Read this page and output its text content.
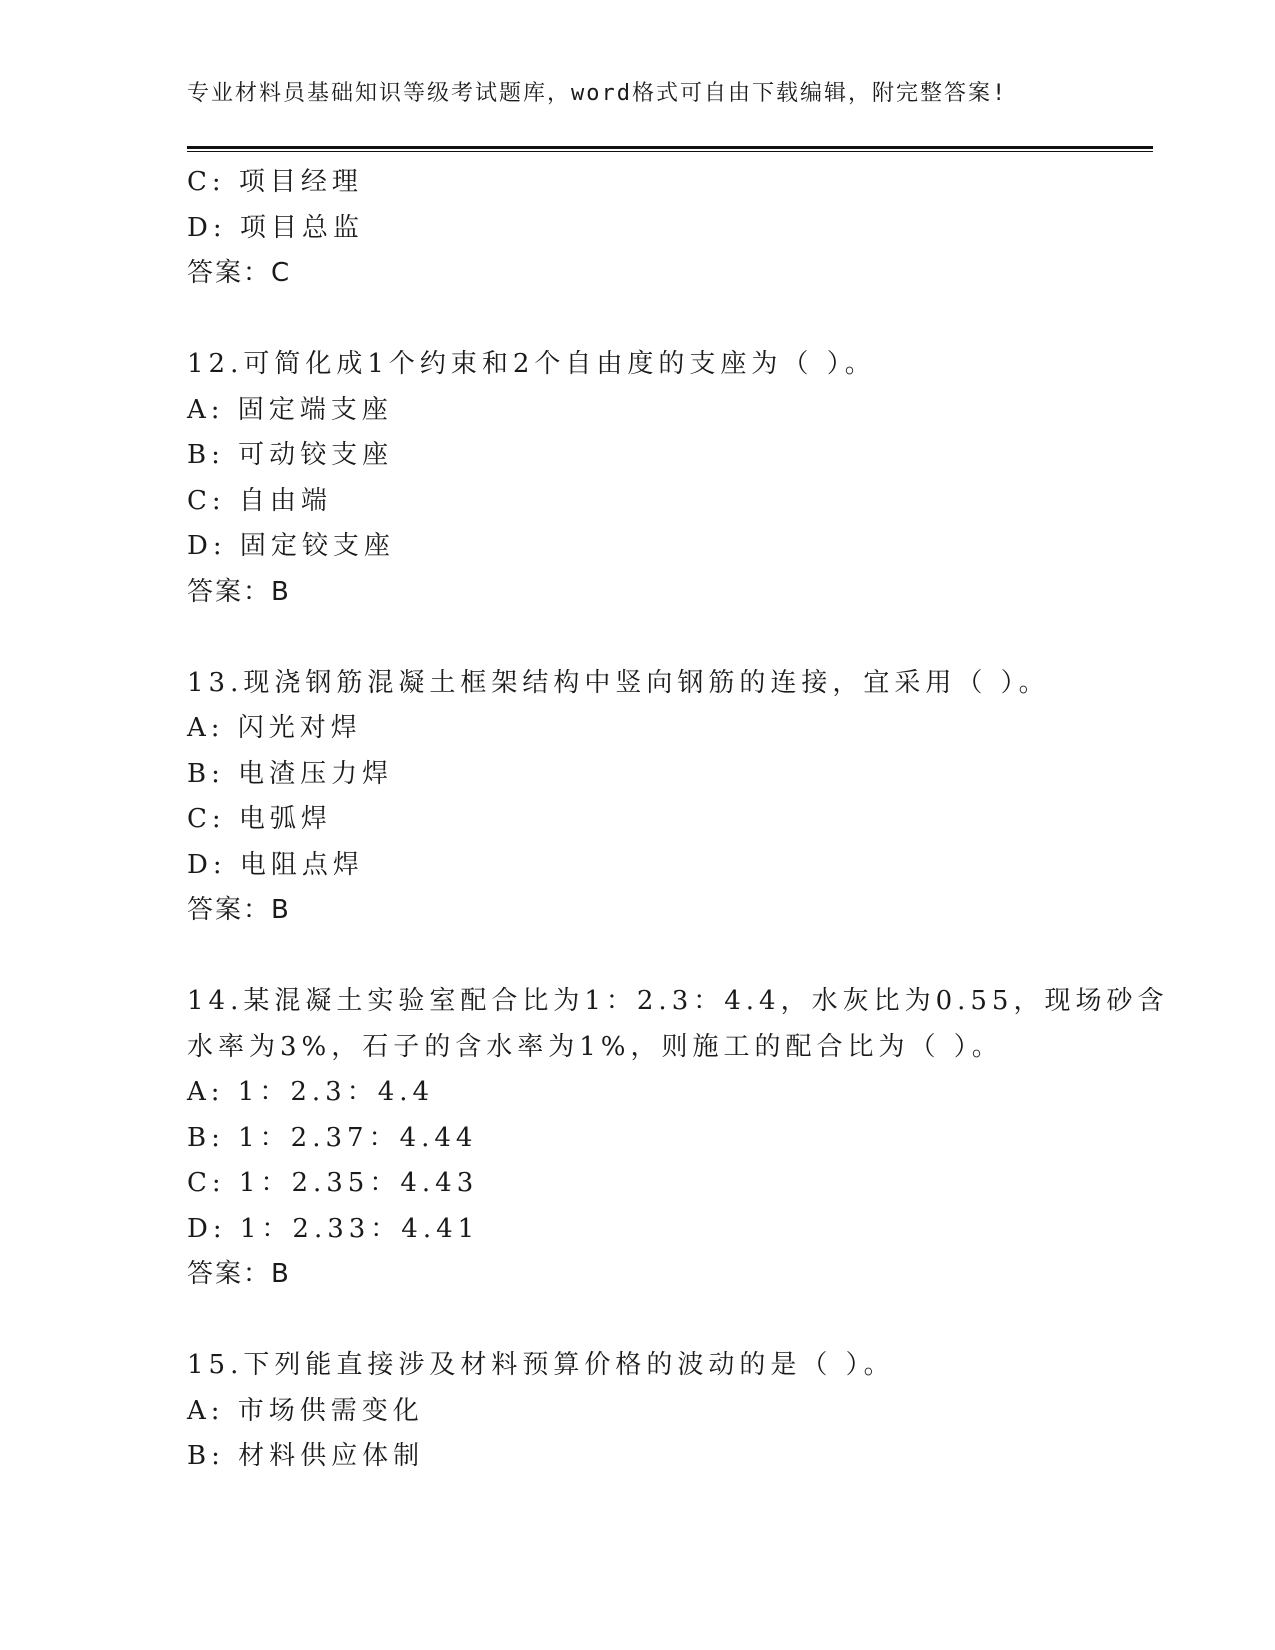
专业材料员基础知识等级考试题库，word格式可自由下载编辑，附完整答案!
C: 项目经理
D: 项目总监
答案：C
12.可简化成1个约束和2个自由度的支座为（ ）。
A: 固定端支座
B: 可动铰支座
C: 自由端
D: 固定铰支座
答案：B
13.现浇钢筋混凝土框架结构中竖向钢筋的连接，宜采用（ ）。
A: 闪光对焊
B: 电渣压力焊
C: 电弧焊
D: 电阻点焊
答案：B
14.某混凝土实验室配合比为1：2.3：4.4，水灰比为0.55，现场砂含
水率为3%，石子的含水率为1%，则施工的配合比为（ ）。
A: 1：2.3：4.4
B: 1：2.37：4.44
C: 1：2.35：4.43
D: 1：2.33：4.41
答案：B
15.下列能直接涉及材料预算价格的波动的是（ ）。
A: 市场供需变化
B: 材料供应体制
